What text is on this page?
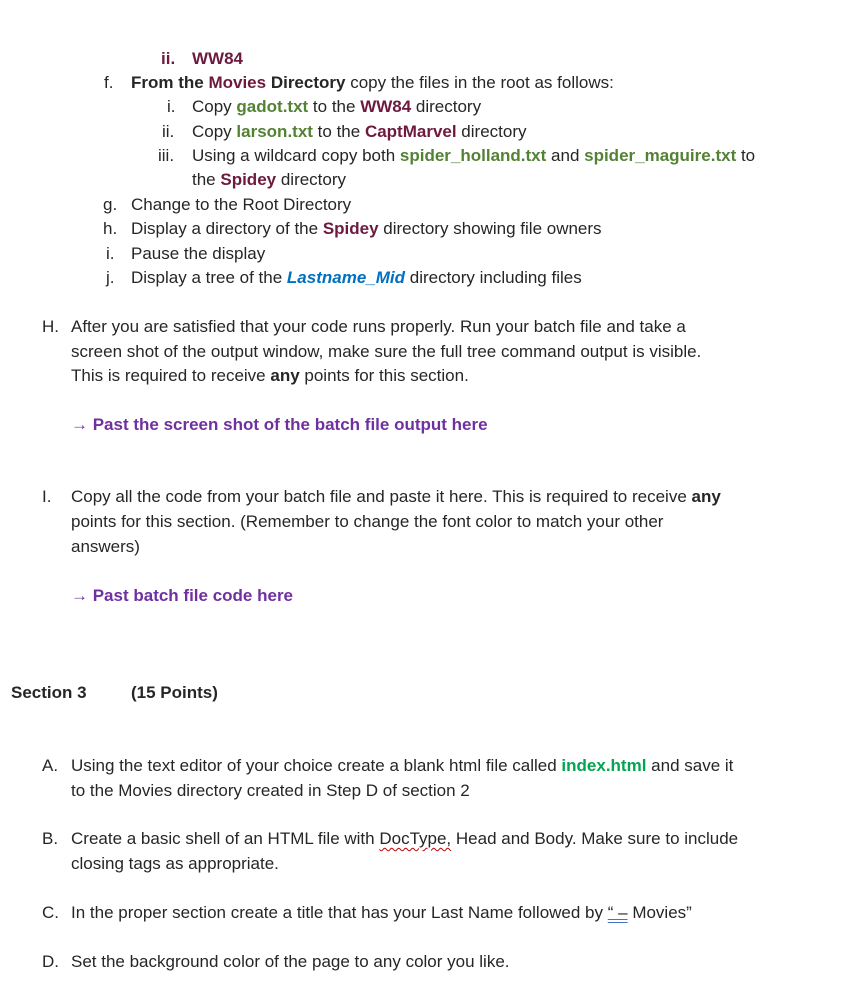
ii. WW84
f. From the Movies Directory copy the files in the root as follows:
i. Copy gadot.txt to the WW84 directory
ii. Copy larson.txt to the CaptMarvel directory
iii. Using a wildcard copy both spider_holland.txt and spider_maguire.txt to
the Spidey directory
g. Change to the Root Directory
h. Display a directory of the Spidey directory showing file owners
i. Pause the display
j. Display a tree of the Lastname_Mid directory including files
H. After you are satisfied that your code runs properly. Run your batch file and take a
screen shot of the output window, make sure the full tree command output is visible.
This is required to receive any points for this section.
→ Past the screen shot of the batch file output here
I. Copy all the code from your batch file and paste it here. This is required to receive any
points for this section. (Remember to change the font color to match your other
answers)
→ Past batch file code here
Section 3	(15 Points)
A. Using the text editor of your choice create a blank html file called index.html and save it
to the Movies directory created in Step D of section 2
B. Create a basic shell of an HTML file with DocType, Head and Body. Make sure to include
closing tags as appropriate.
C. In the proper section create a title that has your Last Name followed by “ – Movies”
D. Set the background color of the page to any color you like.
